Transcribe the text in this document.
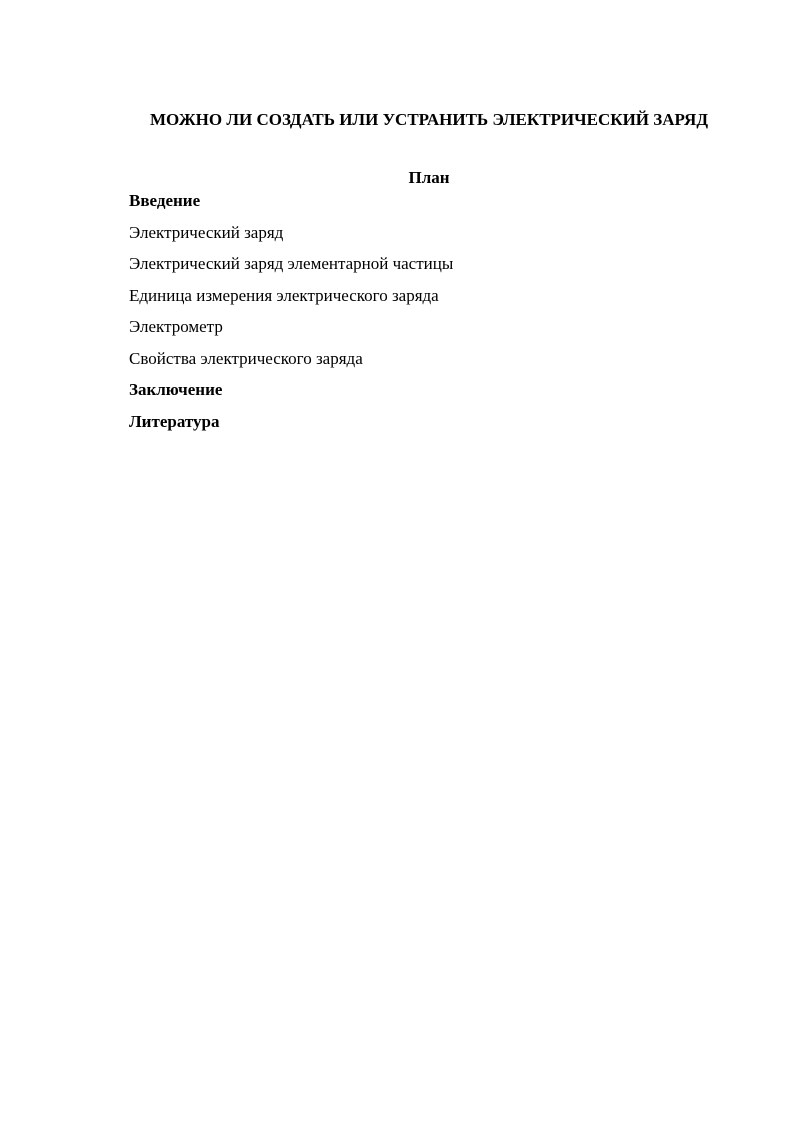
МОЖНО ЛИ СОЗДАТЬ ИЛИ УСТРАНИТЬ ЭЛЕКТРИЧЕСКИЙ ЗАРЯД
План
Введение
Электрический заряд
Электрический заряд элементарной частицы
Единица измерения электрического заряда
Электрометр
Свойства электрического заряда
Заключение
Литература
